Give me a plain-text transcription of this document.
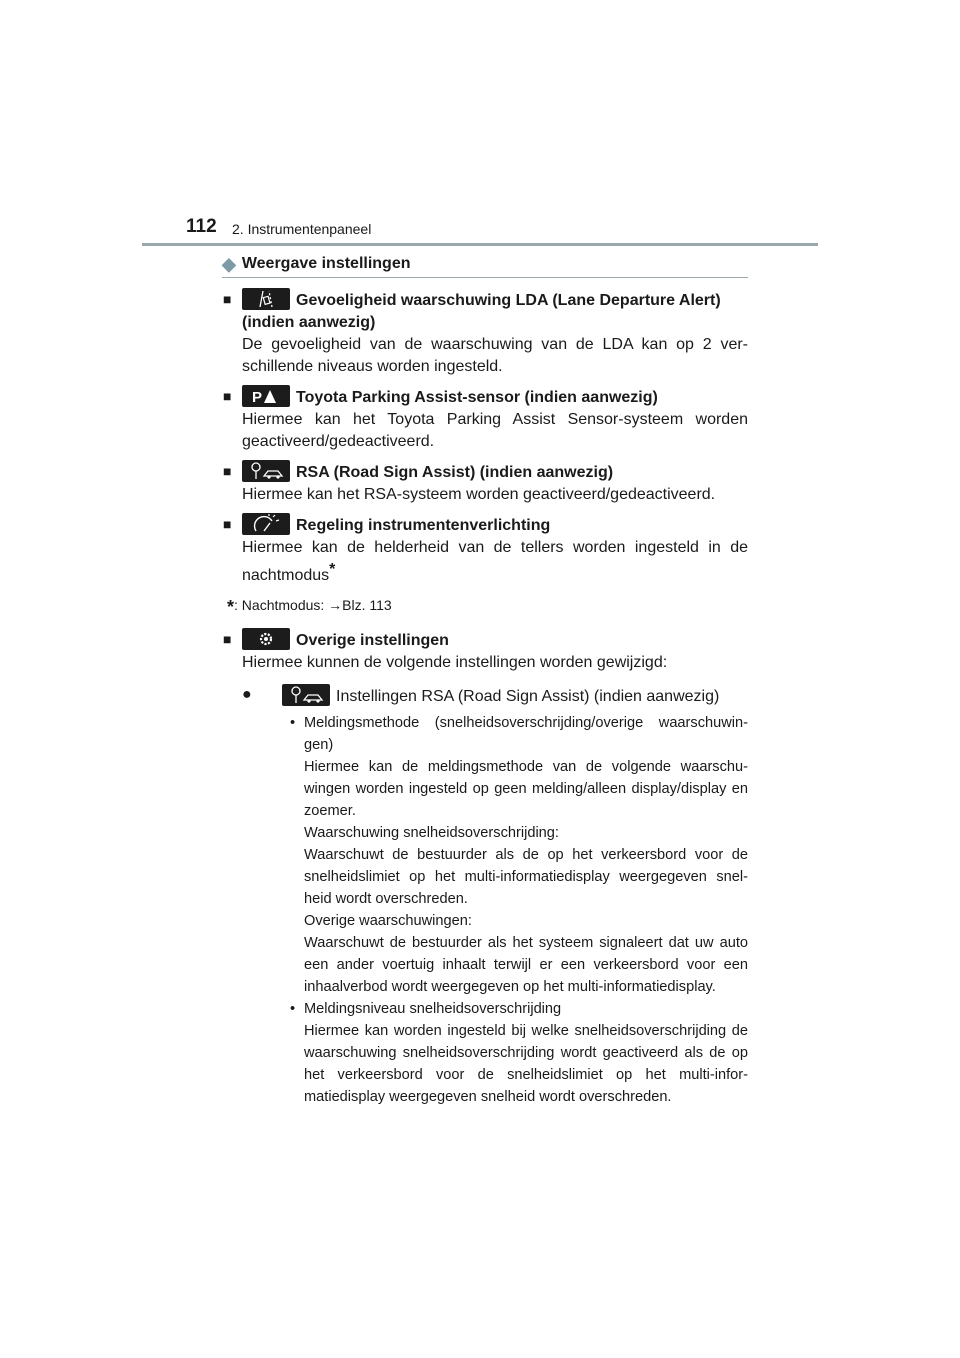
112 2. Instrumentenpaneel
◆ Weergave instellingen
■	Gevoeligheid waarschuwing LDA (Lane Departure Alert) (indien aanwezig)
De gevoeligheid van de waarschuwing van de LDA kan op 2 ver-schillende niveaus worden ingesteld.
■ P Toyota Parking Assist-sensor (indien aanwezig)
Hiermee kan het Toyota Parking Assist Sensor-systeem worden geactiveerd/gedeactiveerd.
■	RSA (Road Sign Assist) (indien aanwezig)
Hiermee kan het RSA-systeem worden geactiveerd/gedeactiveerd.
■	Regeling instrumentenverlichting
Hiermee kan de helderheid van de tellers worden ingesteld in de nachtmodus*
*: Nachtmodus: →Blz. 113
■	Overige instellingen
Hiermee kunnen de volgende instellingen worden gewijzigd:
●	Instellingen RSA (Road Sign Assist) (indien aanwezig)
• Meldingsmethode (snelheidsoverschrijding/overige waarschuwin-gen)
Hiermee kan de meldingsmethode van de volgende waarschu-wingen worden ingesteld op geen melding/alleen display/display en zoemer.
Waarschuwing snelheidsoverschrijding:
Waarschuwt de bestuurder als de op het verkeersbord voor de snelheidslimiet op het multi-informatiedisplay weergegeven snel-heid wordt overschreden.
Overige waarschuwingen:
Waarschuwt de bestuurder als het systeem signaleert dat uw auto een ander voertuig inhaalt terwijl er een verkeersbord voor een inhaalverbod wordt weergegeven op het multi-informatiedisplay.
• Meldingsniveau snelheidsoverschrijding
Hiermee kan worden ingesteld bij welke snelheidsoverschrijding de waarschuwing snelheidsoverschrijding wordt geactiveerd als de op het verkeersbord voor de snelheidslimiet op het multi-infor-matiedisplay weergegeven snelheid wordt overschreden.
